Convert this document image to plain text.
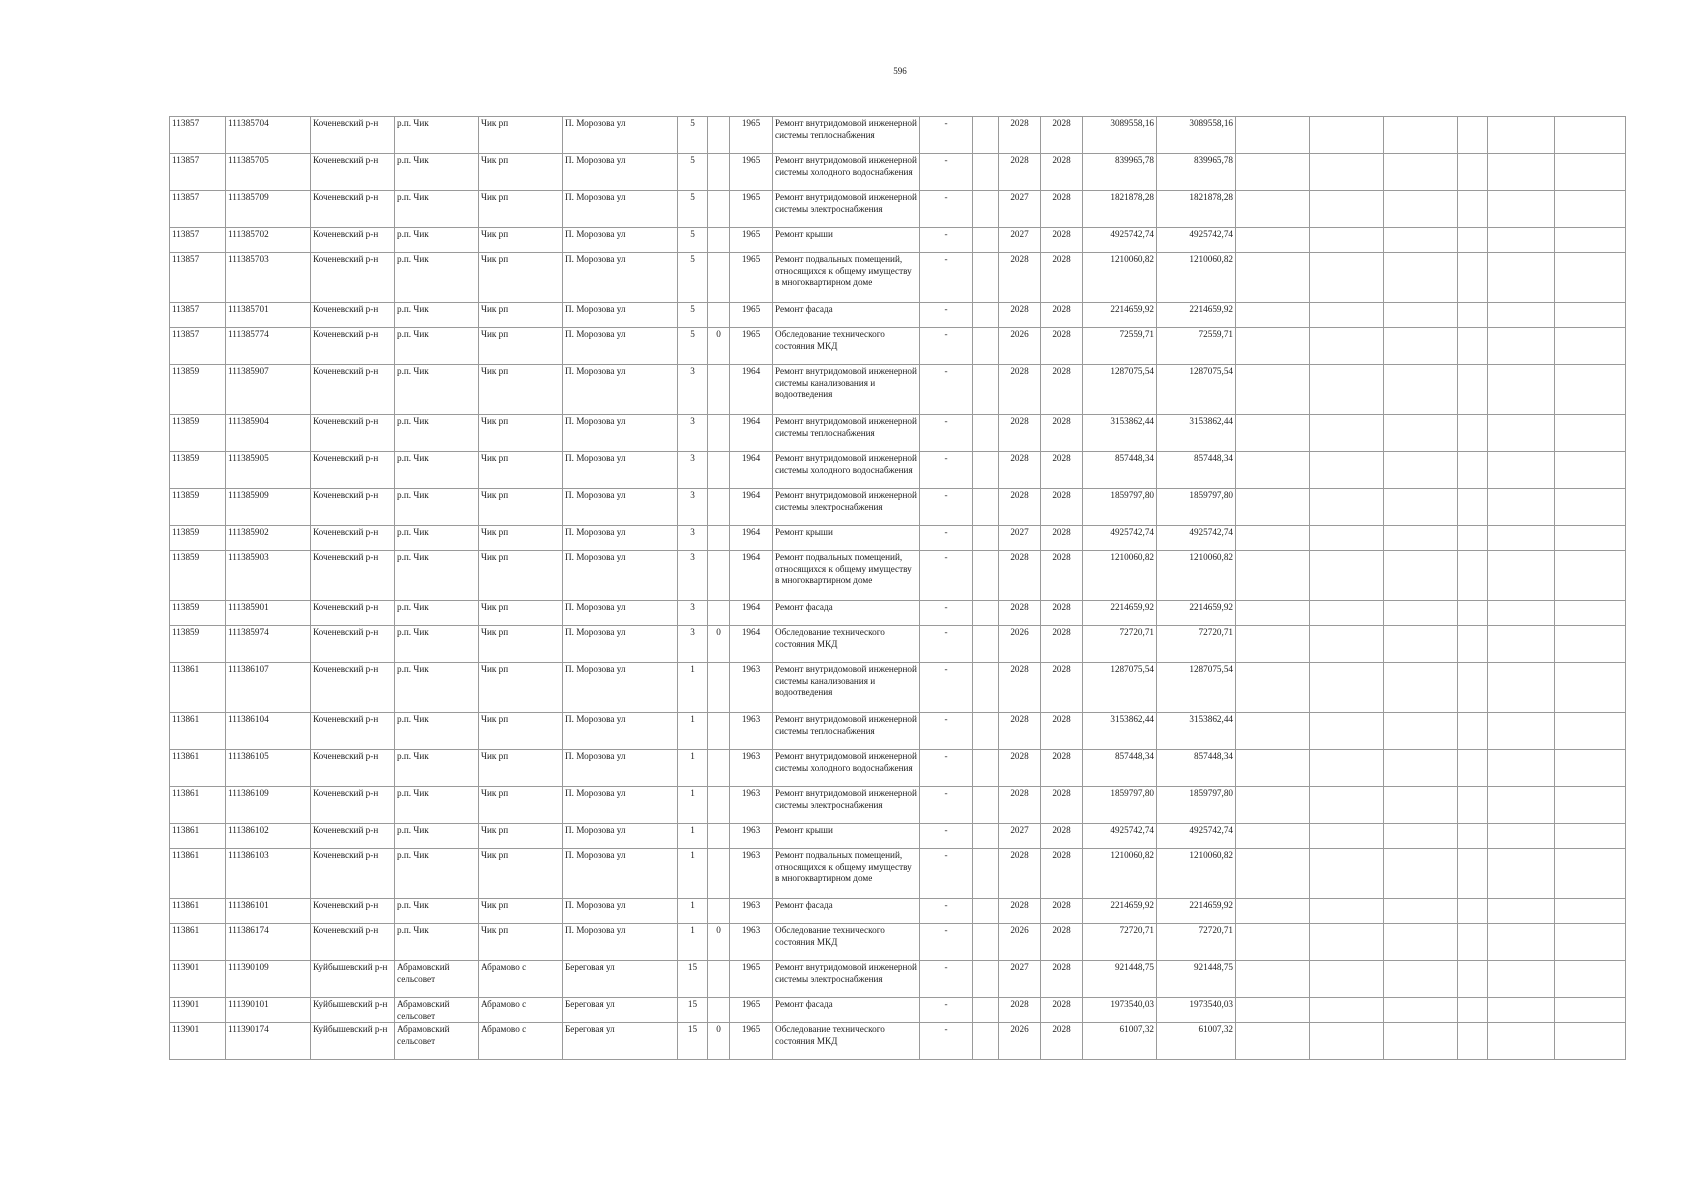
596
113857	111385704	Коченевский р-н	р.п. Чик	Чик рп	П. Морозова ул	5		1965	Ремонт внутридомовой инженерной системы теплоснабжения	-		2028	2028	3089558,16	3089558,16						
113857	111385705	Коченевский р-н	р.п. Чик	Чик рп	П. Морозова ул	5		1965	Ремонт внутридомовой инженерной системы холодного водоснабжения	-		2028	2028	839965,78	839965,78						
113857	111385709	Коченевский р-н	р.п. Чик	Чик рп	П. Морозова ул	5		1965	Ремонт внутридомовой инженерной системы электроснабжения	-		2027	2028	1821878,28	1821878,28						
113857	111385702	Коченевский р-н	р.п. Чик	Чик рп	П. Морозова ул	5		1965	Ремонт крыши	-		2027	2028	4925742,74	4925742,74						
113857	111385703	Коченевский р-н	р.п. Чик	Чик рп	П. Морозова ул	5		1965	Ремонт подвальных помещений, относящихся к общему имуществу в многоквартирном доме	-		2028	2028	1210060,82	1210060,82						
113857	111385701	Коченевский р-н	р.п. Чик	Чик рп	П. Морозова ул	5		1965	Ремонт фасада	-		2028	2028	2214659,92	2214659,92						
113857	111385774	Коченевский р-н	р.п. Чик	Чик рп	П. Морозова ул	5	0	1965	Обследование технического состояния МКД	-		2026	2028	72559,71	72559,71						
113859	111385907	Коченевский р-н	р.п. Чик	Чик рп	П. Морозова ул	3		1964	Ремонт внутридомовой инженерной системы канализования и водоотведения	-		2028	2028	1287075,54	1287075,54						
113859	111385904	Коченевский р-н	р.п. Чик	Чик рп	П. Морозова ул	3		1964	Ремонт внутридомовой инженерной системы теплоснабжения	-		2028	2028	3153862,44	3153862,44						
113859	111385905	Коченевский р-н	р.п. Чик	Чик рп	П. Морозова ул	3		1964	Ремонт внутридомовой инженерной системы холодного водоснабжения	-		2028	2028	857448,34	857448,34						
113859	111385909	Коченевский р-н	р.п. Чик	Чик рп	П. Морозова ул	3		1964	Ремонт внутридомовой инженерной системы электроснабжения	-		2028	2028	1859797,80	1859797,80						
113859	111385902	Коченевский р-н	р.п. Чик	Чик рп	П. Морозова ул	3		1964	Ремонт крыши	-		2027	2028	4925742,74	4925742,74						
113859	111385903	Коченевский р-н	р.п. Чик	Чик рп	П. Морозова ул	3		1964	Ремонт подвальных помещений, относящихся к общему имуществу в многоквартирном доме	-		2028	2028	1210060,82	1210060,82						
113859	111385901	Коченевский р-н	р.п. Чик	Чик рп	П. Морозова ул	3		1964	Ремонт фасада	-		2028	2028	2214659,92	2214659,92						
113859	111385974	Коченевский р-н	р.п. Чик	Чик рп	П. Морозова ул	3	0	1964	Обследование технического состояния МКД	-		2026	2028	72720,71	72720,71						
113861	111386107	Коченевский р-н	р.п. Чик	Чик рп	П. Морозова ул	1		1963	Ремонт внутридомовой инженерной системы канализования и водоотведения	-		2028	2028	1287075,54	1287075,54						
113861	111386104	Коченевский р-н	р.п. Чик	Чик рп	П. Морозова ул	1		1963	Ремонт внутридомовой инженерной системы теплоснабжения	-		2028	2028	3153862,44	3153862,44						
113861	111386105	Коченевский р-н	р.п. Чик	Чик рп	П. Морозова ул	1		1963	Ремонт внутридомовой инженерной системы холодного водоснабжения	-		2028	2028	857448,34	857448,34						
113861	111386109	Коченевский р-н	р.п. Чик	Чик рп	П. Морозова ул	1		1963	Ремонт внутридомовой инженерной системы электроснабжения	-		2028	2028	1859797,80	1859797,80						
113861	111386102	Коченевский р-н	р.п. Чик	Чик рп	П. Морозова ул	1		1963	Ремонт крыши	-		2027	2028	4925742,74	4925742,74						
113861	111386103	Коченевский р-н	р.п. Чик	Чик рп	П. Морозова ул	1		1963	Ремонт подвальных помещений, относящихся к общему имуществу в многоквартирном доме	-		2028	2028	1210060,82	1210060,82						
113861	111386101	Коченевский р-н	р.п. Чик	Чик рп	П. Морозова ул	1		1963	Ремонт фасада	-		2028	2028	2214659,92	2214659,92						
113861	111386174	Коченевский р-н	р.п. Чик	Чик рп	П. Морозова ул	1	0	1963	Обследование технического состояния МКД	-		2026	2028	72720,71	72720,71						
113901	111390109	Куйбышевский р-н	Абрамовский сельсовет	Абрамово с	Береговая ул	15		1965	Ремонт внутридомовой инженерной системы электроснабжения	-		2027	2028	921448,75	921448,75						
113901	111390101	Куйбышевский р-н	Абрамовский сельсовет	Абрамово с	Береговая ул	15		1965	Ремонт фасада	-		2028	2028	1973540,03	1973540,03						
113901	111390174	Куйбышевский р-н	Абрамовский сельсовет	Абрамово с	Береговая ул	15	0	1965	Обследование технического состояния МКД	-		2026	2028	61007,32	61007,32						
